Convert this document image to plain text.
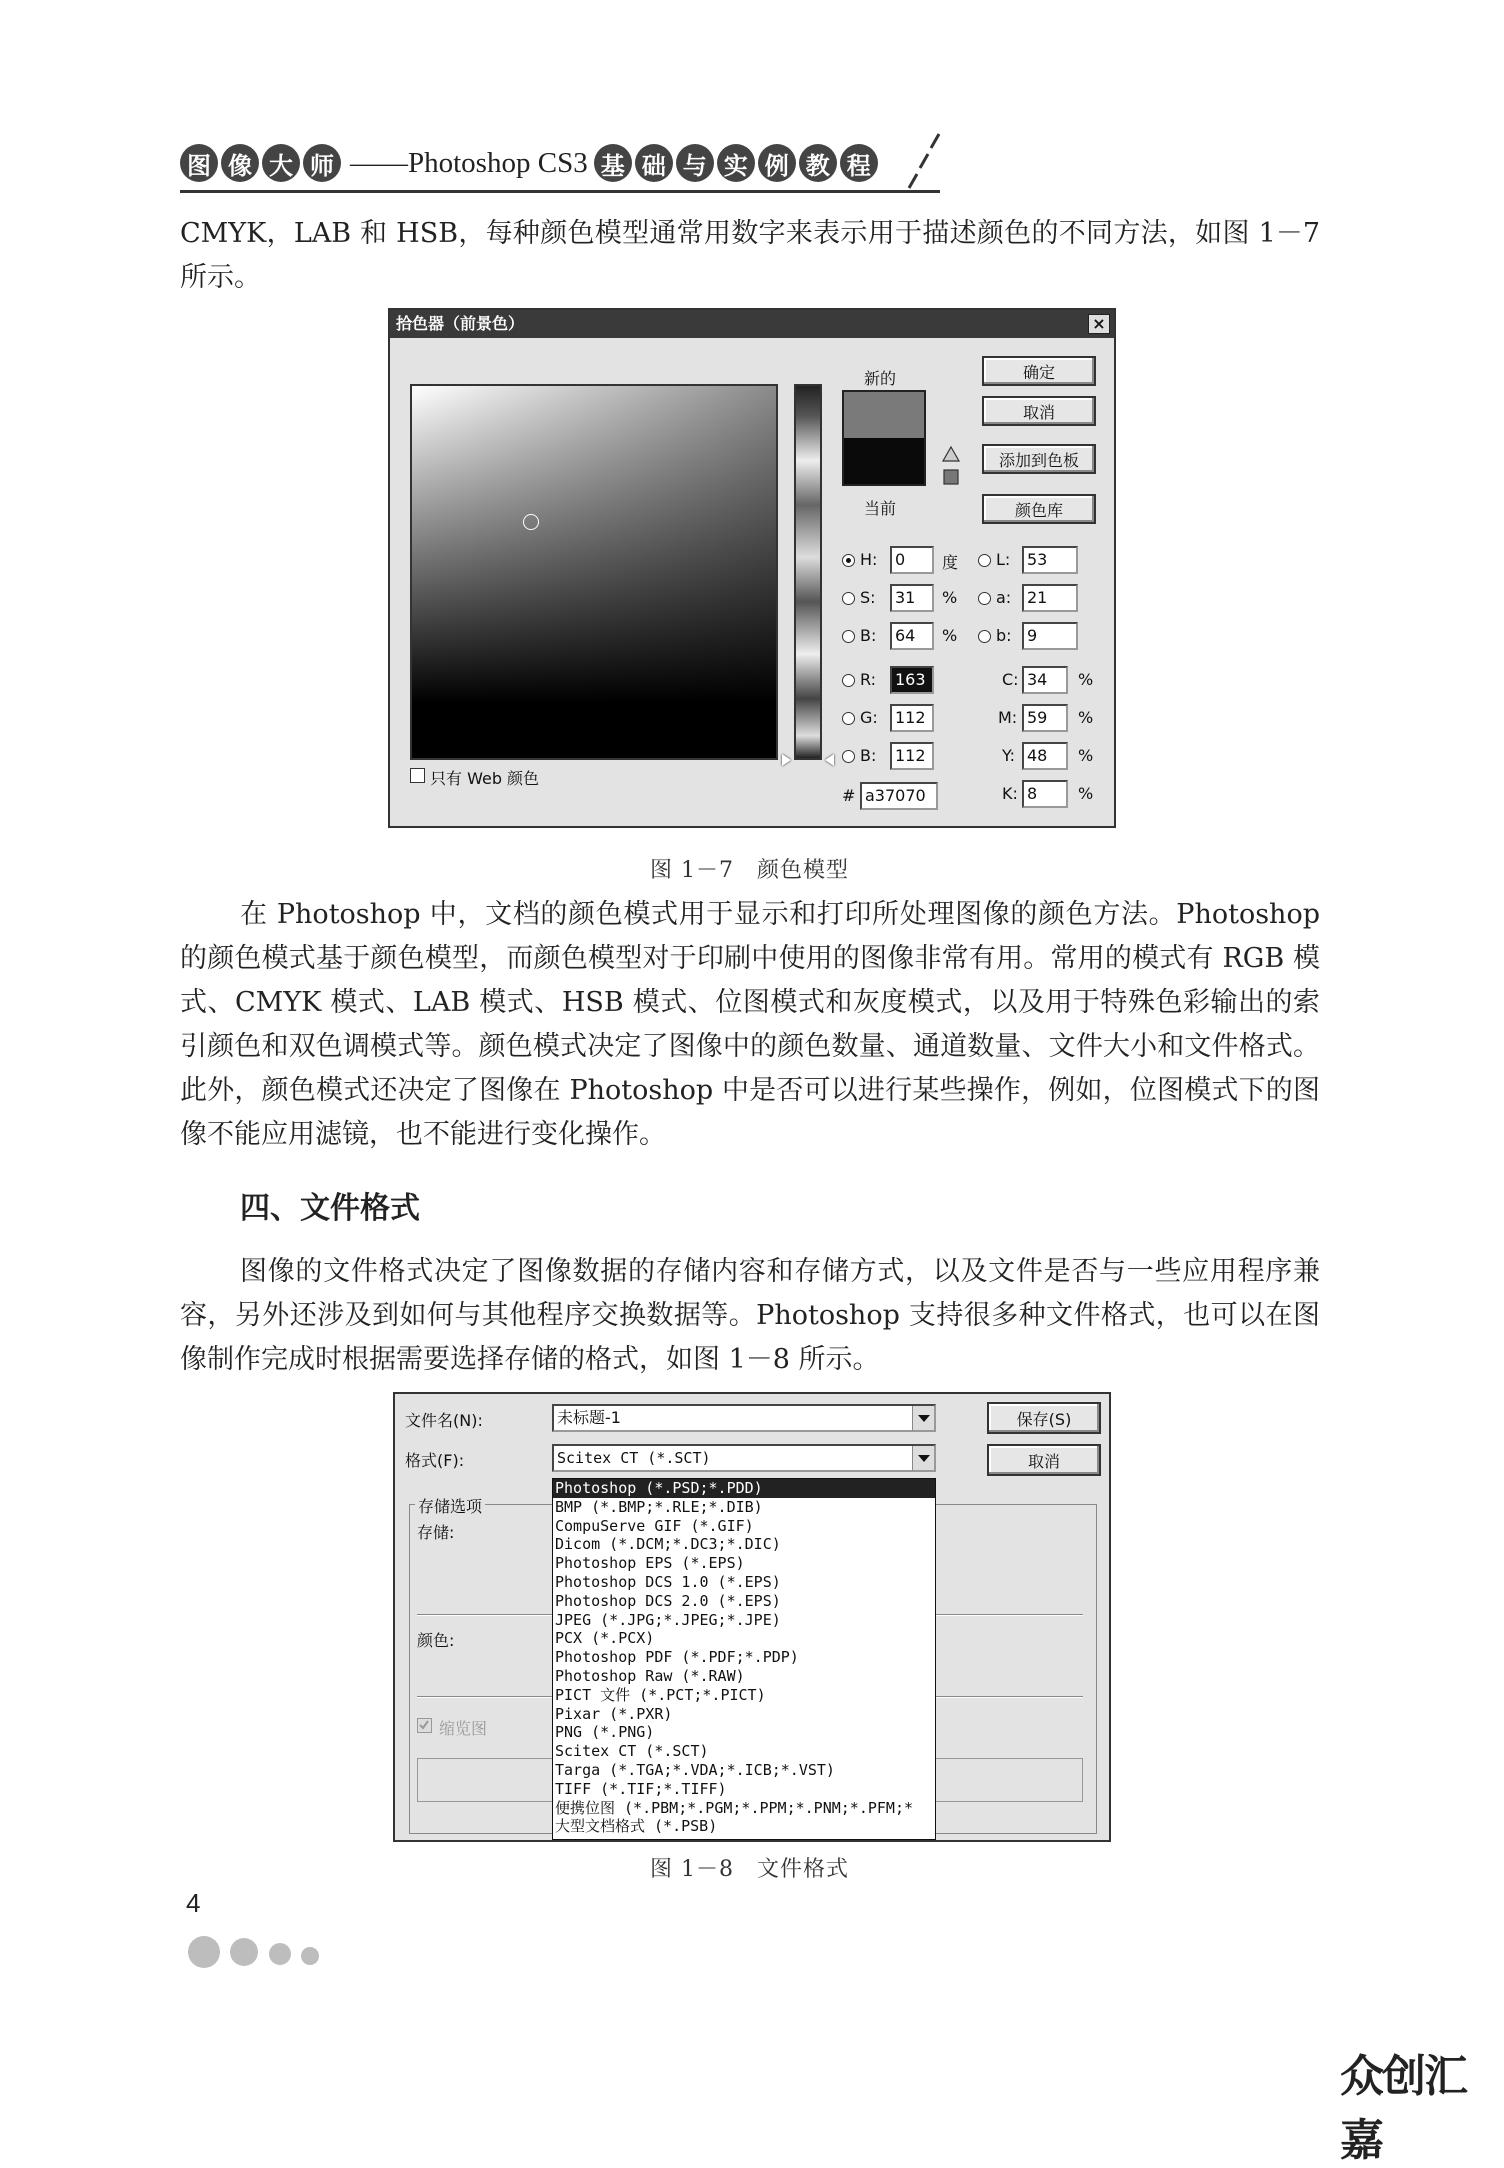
图 像 大 师 ——Photoshop CS3 基 础 与 实 例 教 程

CMYK，LAB 和 HSB，每种颜色模型通常用数字来表示用于描述颜色的不同方法，如图 1－7 所示。

拾色器（前景色）	×
新的
当前
确定
取消
添加到色板
颜色库
H:	0	度
S:	31	%
B:	64	%
L:	53
a: 21
b: 9
R:	163
G:	112
B:	112
C: 34	%
M: 59	%
Y: 48	%
K: 8	%
# a37070
只有 Web 颜色
图 1－7　颜色模型

在 Photoshop 中，文档的颜色模式用于显示和打印所处理图像的颜色方法。Photoshop 的颜色模式基于颜色模型，而颜色模型对于印刷中使用的图像非常有用。常用的模式有 RGB 模式、CMYK 模式、LAB 模式、HSB 模式、位图模式和灰度模式，以及用于特殊色彩输出的索引颜色和双色调模式等。颜色模式决定了图像中的颜色数量、通道数量、文件大小和文件格式。此外，颜色模式还决定了图像在 Photoshop 中是否可以进行某些操作，例如，位图模式下的图像不能应用滤镜，也不能进行变化操作。

四、文件格式

图像的文件格式决定了图像数据的存储内容和存储方式，以及文件是否与一些应用程序兼容，另外还涉及到如何与其他程序交换数据等。Photoshop 支持很多种文件格式，也可以在图像制作完成时根据需要选择存储的格式，如图 1－8 所示。

文件名(N):	未标题-1
格式(F):	Scitex CT (*.SCT)
保存(S)
取消
存储选项
存储:
颜色:
缩览图
Photoshop (*.PSD;*.PDD)
BMP (*.BMP;*.RLE;*.DIB)
CompuServe GIF (*.GIF)
Dicom (*.DCM;*.DC3;*.DIC)
Photoshop EPS (*.EPS)
Photoshop DCS 1.0 (*.EPS)
Photoshop DCS 2.0 (*.EPS)
JPEG (*.JPG;*.JPEG;*.JPE)
PCX (*.PCX)
Photoshop PDF (*.PDF;*.PDP)
Photoshop Raw (*.RAW)
PICT 文件 (*.PCT;*.PICT)
Pixar (*.PXR)
PNG (*.PNG)
Scitex CT (*.SCT)
Targa (*.TGA;*.VDA;*.ICB;*.VST)
TIFF (*.TIF;*.TIFF)
便携位图 (*.PBM;*.PGM;*.PPM;*.PNM;*.PFM;*
大型文档格式 (*.PSB)
图 1－8　文件格式
4
众创汇嘉
